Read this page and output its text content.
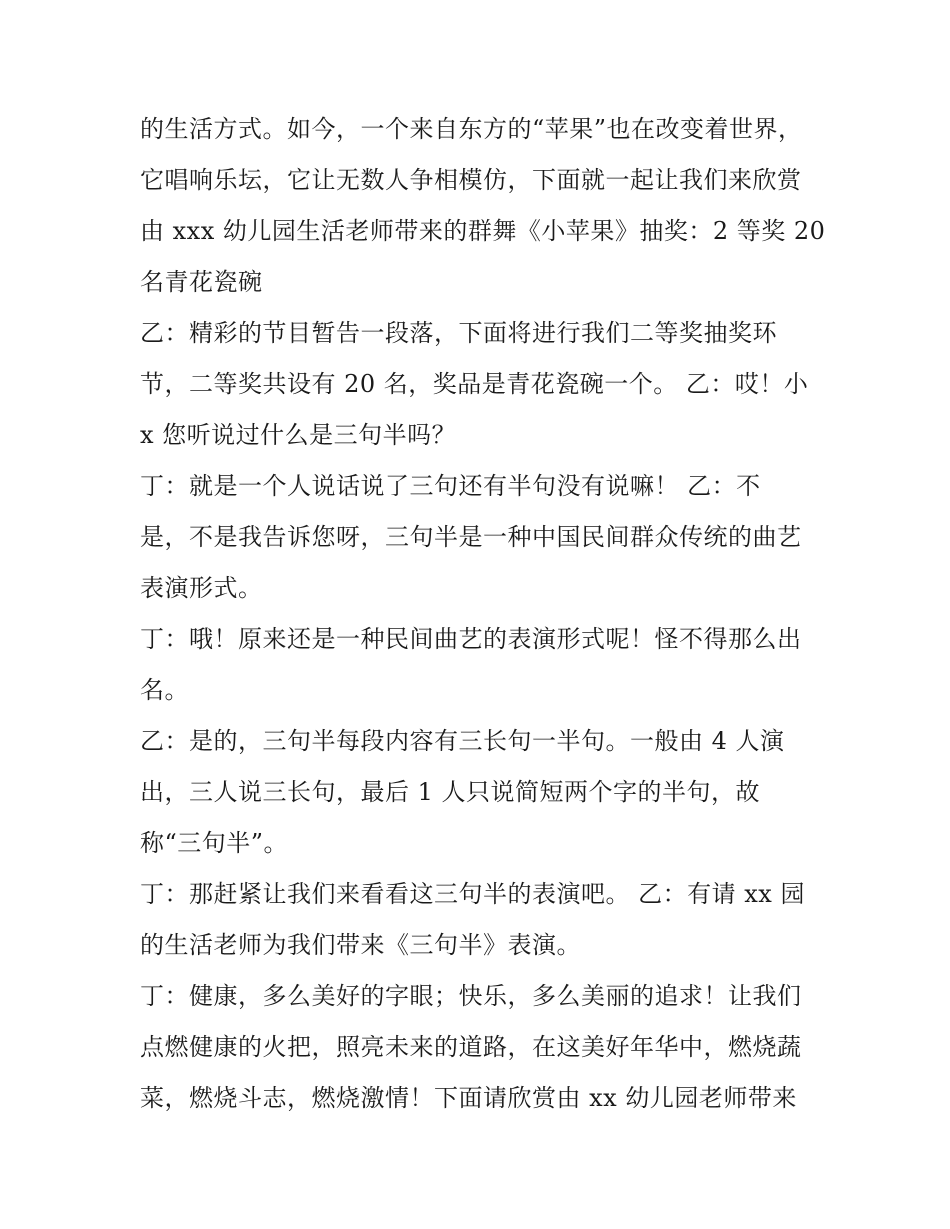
的生活方式。如今，一个来自东方的“苹果”也在改变着世界，
它唱响乐坛，它让无数人争相模仿，下面就一起让我们来欣赏
由 xxx 幼儿园生活老师带来的群舞《小苹果》抽奖：2 等奖 20
名青花瓷碗
乙：精彩的节目暂告一段落，下面将进行我们二等奖抽奖环
节，二等奖共设有 20 名，奖品是青花瓷碗一个。 乙：哎！小
x 您听说过什么是三句半吗？
丁：就是一个人说话说了三句还有半句没有说嘛！ 乙：不
是，不是我告诉您呀，三句半是一种中国民间群众传统的曲艺
表演形式。
丁：哦！原来还是一种民间曲艺的表演形式呢！怪不得那么出
名。
乙：是的，三句半每段内容有三长句一半句。一般由 4 人演
出，三人说三长句，最后 1 人只说简短两个字的半句，故
称“三句半”。
丁：那赶紧让我们来看看这三句半的表演吧。 乙：有请 xx 园
的生活老师为我们带来《三句半》表演。
丁：健康，多么美好的字眼；快乐，多么美丽的追求！让我们
点燃健康的火把，照亮未来的道路，在这美好年华中，燃烧蔬
菜，燃烧斗志，燃烧激情！下面请欣赏由 xx 幼儿园老师带来
